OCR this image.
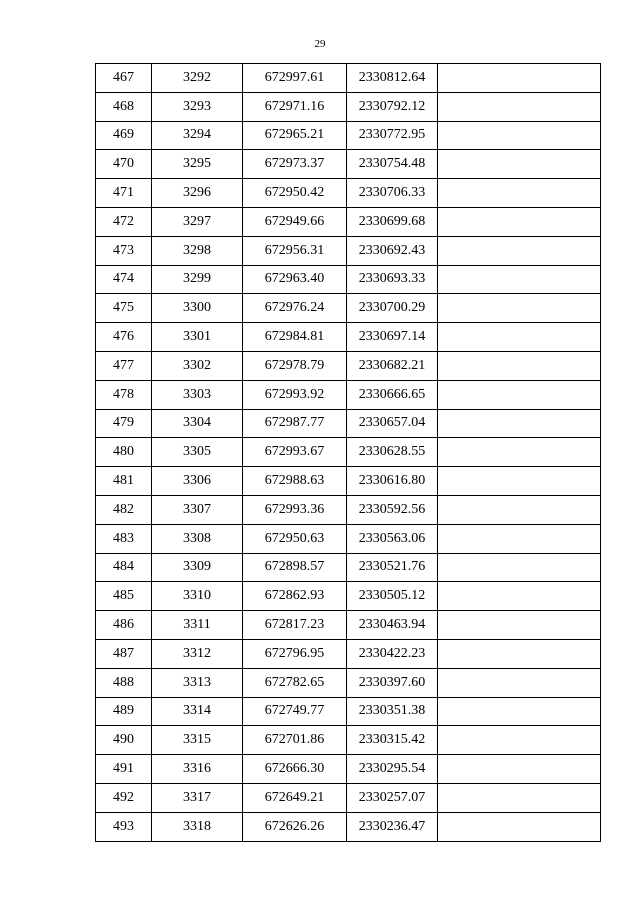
29
467	3292	672997.61	2330812.64	
468	3293	672971.16	2330792.12	
469	3294	672965.21	2330772.95	
470	3295	672973.37	2330754.48	
471	3296	672950.42	2330706.33	
472	3297	672949.66	2330699.68	
473	3298	672956.31	2330692.43	
474	3299	672963.40	2330693.33	
475	3300	672976.24	2330700.29	
476	3301	672984.81	2330697.14	
477	3302	672978.79	2330682.21	
478	3303	672993.92	2330666.65	
479	3304	672987.77	2330657.04	
480	3305	672993.67	2330628.55	
481	3306	672988.63	2330616.80	
482	3307	672993.36	2330592.56	
483	3308	672950.63	2330563.06	
484	3309	672898.57	2330521.76	
485	3310	672862.93	2330505.12	
486	3311	672817.23	2330463.94	
487	3312	672796.95	2330422.23	
488	3313	672782.65	2330397.60	
489	3314	672749.77	2330351.38	
490	3315	672701.86	2330315.42	
491	3316	672666.30	2330295.54	
492	3317	672649.21	2330257.07	
493	3318	672626.26	2330236.47	
